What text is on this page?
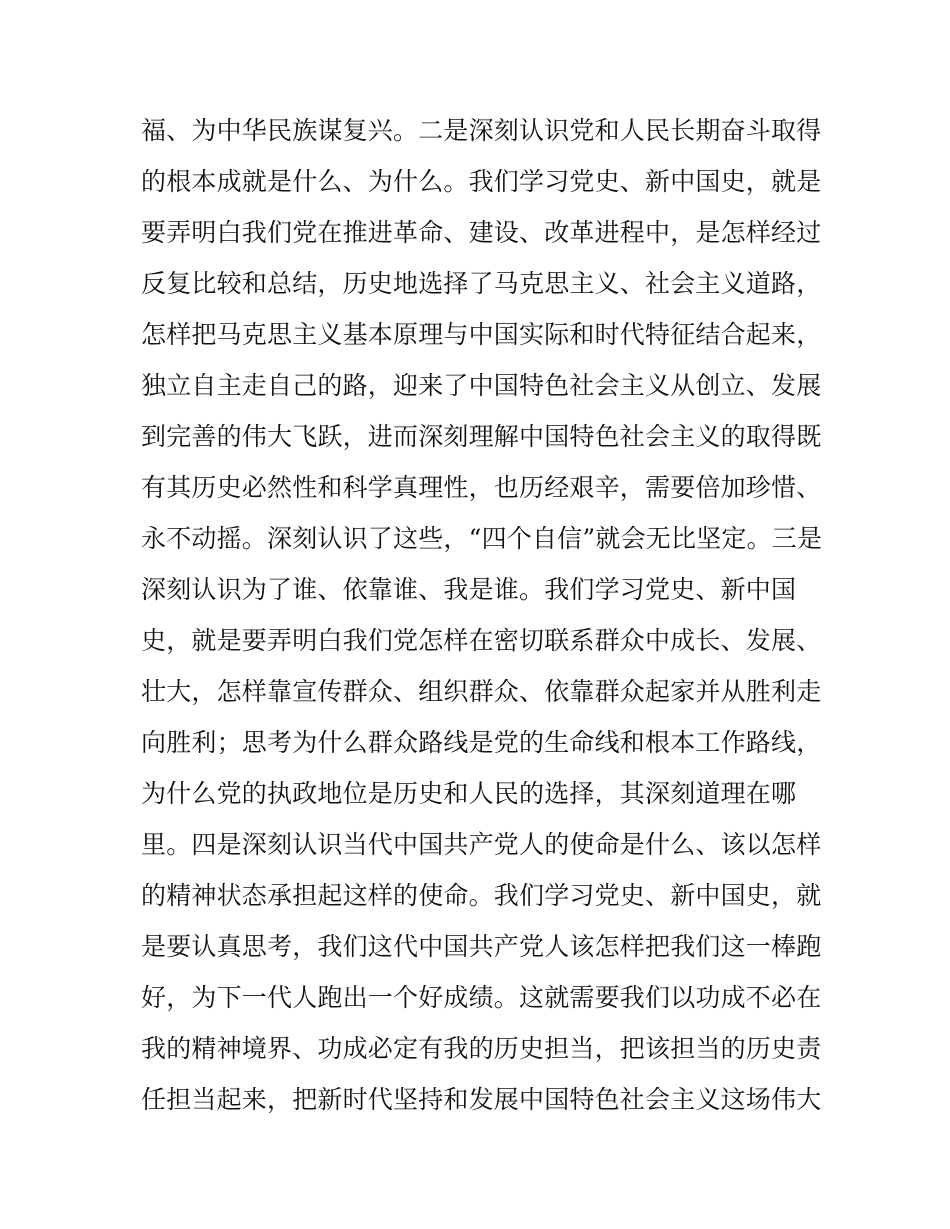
福、为中华民族谋复兴。二是深刻认识党和人民长期奋斗取得
的根本成就是什么、为什么。我们学习党史、新中国史，就是
要弄明白我们党在推进革命、建设、改革进程中，是怎样经过
反复比较和总结，历史地选择了马克思主义、社会主义道路，
怎样把马克思主义基本原理与中国实际和时代特征结合起来，
独立自主走自己的路，迎来了中国特色社会主义从创立、发展
到完善的伟大飞跃，进而深刻理解中国特色社会主义的取得既
有其历史必然性和科学真理性，也历经艰辛，需要倍加珍惜、
永不动摇。深刻认识了这些，“四个自信”就会无比坚定。三是
深刻认识为了谁、依靠谁、我是谁。我们学习党史、新中国
史，就是要弄明白我们党怎样在密切联系群众中成长、发展、
壮大，怎样靠宣传群众、组织群众、依靠群众起家并从胜利走
向胜利；思考为什么群众路线是党的生命线和根本工作路线，
为什么党的执政地位是历史和人民的选择，其深刻道理在哪
里。四是深刻认识当代中国共产党人的使命是什么、该以怎样
的精神状态承担起这样的使命。我们学习党史、新中国史，就
是要认真思考，我们这代中国共产党人该怎样把我们这一棒跑
好，为下一代人跑出一个好成绩。这就需要我们以功成不必在
我的精神境界、功成必定有我的历史担当，把该担当的历史责
任担当起来，把新时代坚持和发展中国特色社会主义这场伟大
